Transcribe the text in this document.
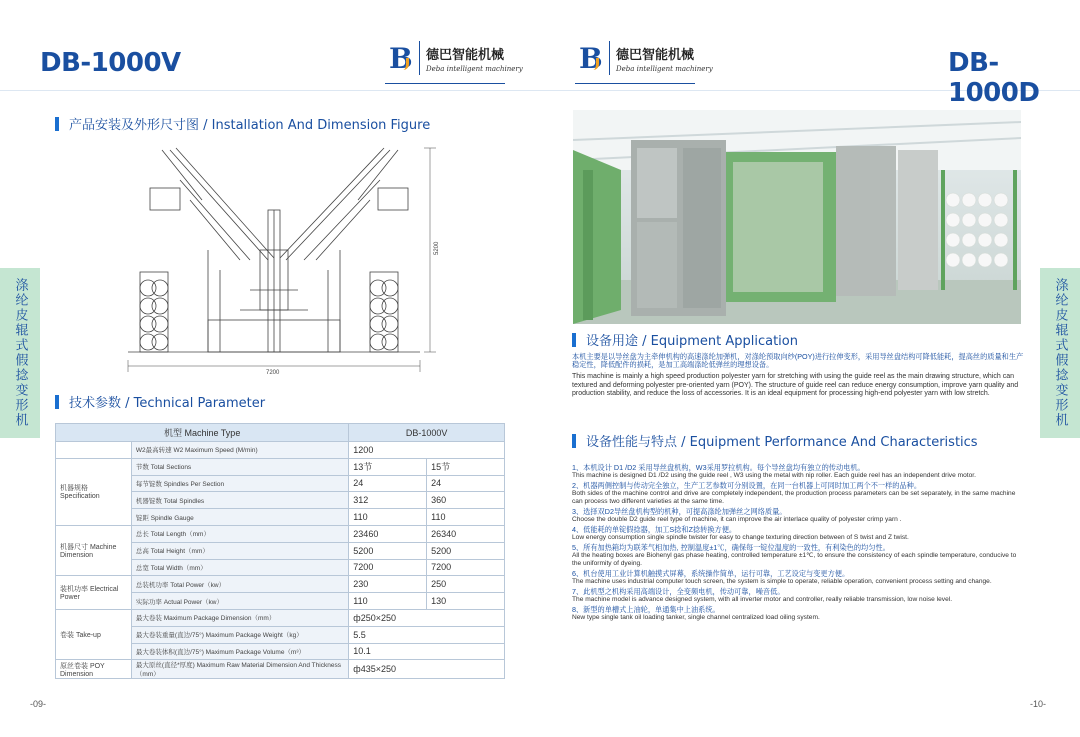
DB-1000V	B 德巴智能机械
Deba intelligent machinery
产品安装及外形尺寸图 / Installation And Dimension Figure
5200
7200
技术参数 / Technical Parameter
机型 Machine Type		DB-1000V	
	W2最高转速 W2 Maximum Speed (M/min)	1200	
机器规格 Specification	节数 Total Sections	13节	15节
	每节锭数 Spindles Per Section	24	24
	机器锭数 Total Spindles	312	360
	锭距 Spindle Gauge	110	110
机器尺寸 Machine Dimension	总长 Total Length（mm）	23460	26340
	总高 Total Height（mm）	5200	5200
	总宽 Total Width（mm）	7200	7200
装机功率 Electrical Power	总装机功率 Total Power（kw）	230	250
	实际功率 Actual Power（kw）	110	130
卷装 Take-up	最大卷装 Maximum Package Dimension（mm）	ф250×250	
	最大卷装重量(直边/75°) Maximum Package Weight（kg）	5.5	
	最大卷装体积(直边/75°) Maximum Package Volume（m³）	10.1	
原丝卷装 POY Dimension	最大原丝(直径*厚度) Maximum Raw Material Dimension And Thickness（mm）	ф435×250	
涤纶皮辊式假捻变形机
-09-
B 德巴智能机械
Deba intelligent machinery	DB-1000D
涤纶皮辊式假捻变形机
-10-
设备用途 / Equipment Application
本机主要是以导丝盘为主牵伸机构的高速涤纶加弹机，对涤纶预取向纱(POY)进行拉伸变形，采用导丝盘结构可降低能耗，提高丝的质量和生产稳定性，降低配件的损耗，是加工高端涤纶低弹丝的理想设备。
This machine is mainly a high speed production polyester yarn for stretching with using the guide reel as the main drawing structure, which can textured and deforming polyester pre-oriented yarn (POY). The structure of guide reel can reduce energy consumption, improve yarn quality and production stability, and reduce the loss of accessories. It is an ideal equipment for processing high-end polyester yarn with low stretch.
设备性能与特点 / Equipment Performance And Characteristics
1、本机设计 D1 /D2 采用导丝盘机构，W3采用罗拉机构。每个导丝盘均有独立的传动电机。
This machine is designed D1 /D2 using the guide reel , W3 using the metal with nip roller. Each guide reel has an independent drive motor.
2、机器两侧控制与传动完全独立，生产工艺参数可分别设置，在同一台机器上可同时加工两个不一样的品种。
Both sides of the machine control and drive are completely independent, the production process parameters can be set separately, in the same machine can process two different varieties at the same time.
3、选择双D2导丝盘机构型的机种，可提高涤纶加弹丝之网络质量。
Choose the double D2 guide reel type of machine, it can improve the air interlace quality of polyester crimp yarn .
4、低能耗的单锭假捻器，加工S捻和Z捻转换方便。
Low energy consumption single spindle twister for easy to change texturing direction between of S twist and Z twist.
5、所有加热箱均为联苯气相加热, 控制温度±1℃，确保每一锭位温度的一致性，有利染色的均匀性。
All the heating boxes are Biohenyl gas phase heating, controlled temperature ±1℃, to ensure the consistency of each spindle temperature, conducive to the uniformity of dyeing.
6、机台使用工业计算机触摸式屏幕，系统操作简单，运行可靠，工艺设定与变更方便。
The machine uses industrial computer touch screen, the system is simple to operate, reliable operation, convenient process setting and change.
7、此机型之机构采用高端设计，全变频电机，传动可靠，噪音低。
The machine model is advance designed system, with all inverter motor and controller, really reliable transmission, low noise level.
8、新型的单槽式上油轮，单通集中上油系统。
New type single tank oil loading tanker, single channel centralized load oiling system.
